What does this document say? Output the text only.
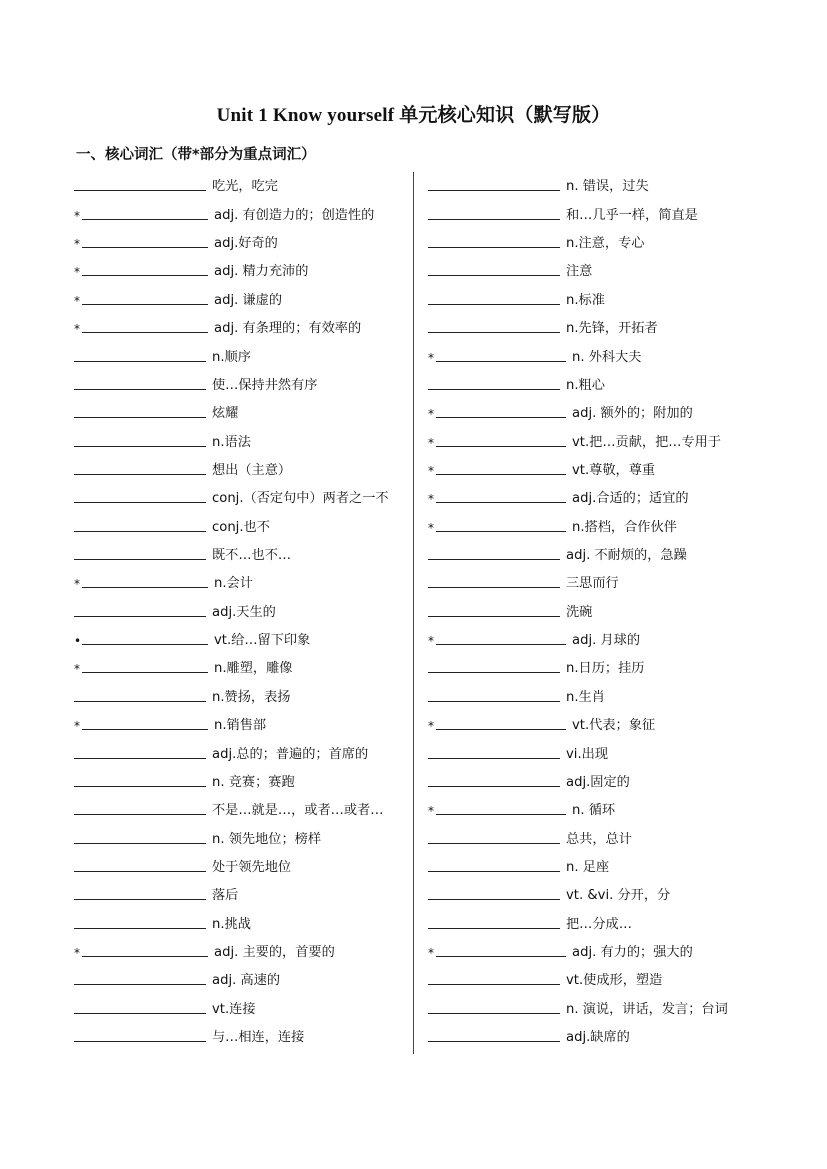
Unit 1 Know yourself 单元核心知识（默写版）
一、核心词汇（带*部分为重点词汇）
吃光，吃完
*	adj. 有创造力的；创造性的
*	adj.好奇的
*	adj. 精力充沛的
*	adj. 谦虚的
*	adj. 有条理的；有效率的
n.顺序
使…保持井然有序
炫耀
n.语法
想出（主意）
conj.（否定句中）两者之一不
conj.也不
既不…也不…
*	n.会计
adj.天生的
•	vt.给…留下印象
*	n.雕塑，雕像
n.赞扬，表扬
*	n.销售部
adj.总的；普遍的；首席的
n. 竞赛；赛跑
不是…就是…，或者…或者…
n. 领先地位；榜样
处于领先地位
落后
n.挑战
*	adj. 主要的，首要的
adj. 高速的
vt.连接
与…相连，连接
n. 错误，过失
和…几乎一样，简直是
n.注意，专心
注意
n.标准
n.先锋，开拓者
*	n. 外科大夫
n.粗心
*	adj. 额外的；附加的
*	vt.把…贡献，把…专用于
*	vt.尊敬，尊重
*	adj.合适的；适宜的
*	n.搭档，合作伙伴
adj. 不耐烦的，急躁
三思而行
洗碗
*	adj. 月球的
n.日历；挂历
n.生肖
*	vt.代表；象征
vi.出现
adj.固定的
*	n. 循环
总共，总计
n. 足座
vt. &vi. 分开，分
把…分成…
*	adj. 有力的；强大的
vt.使成形，塑造
n. 演说，讲话，发言；台词
adj.缺席的
